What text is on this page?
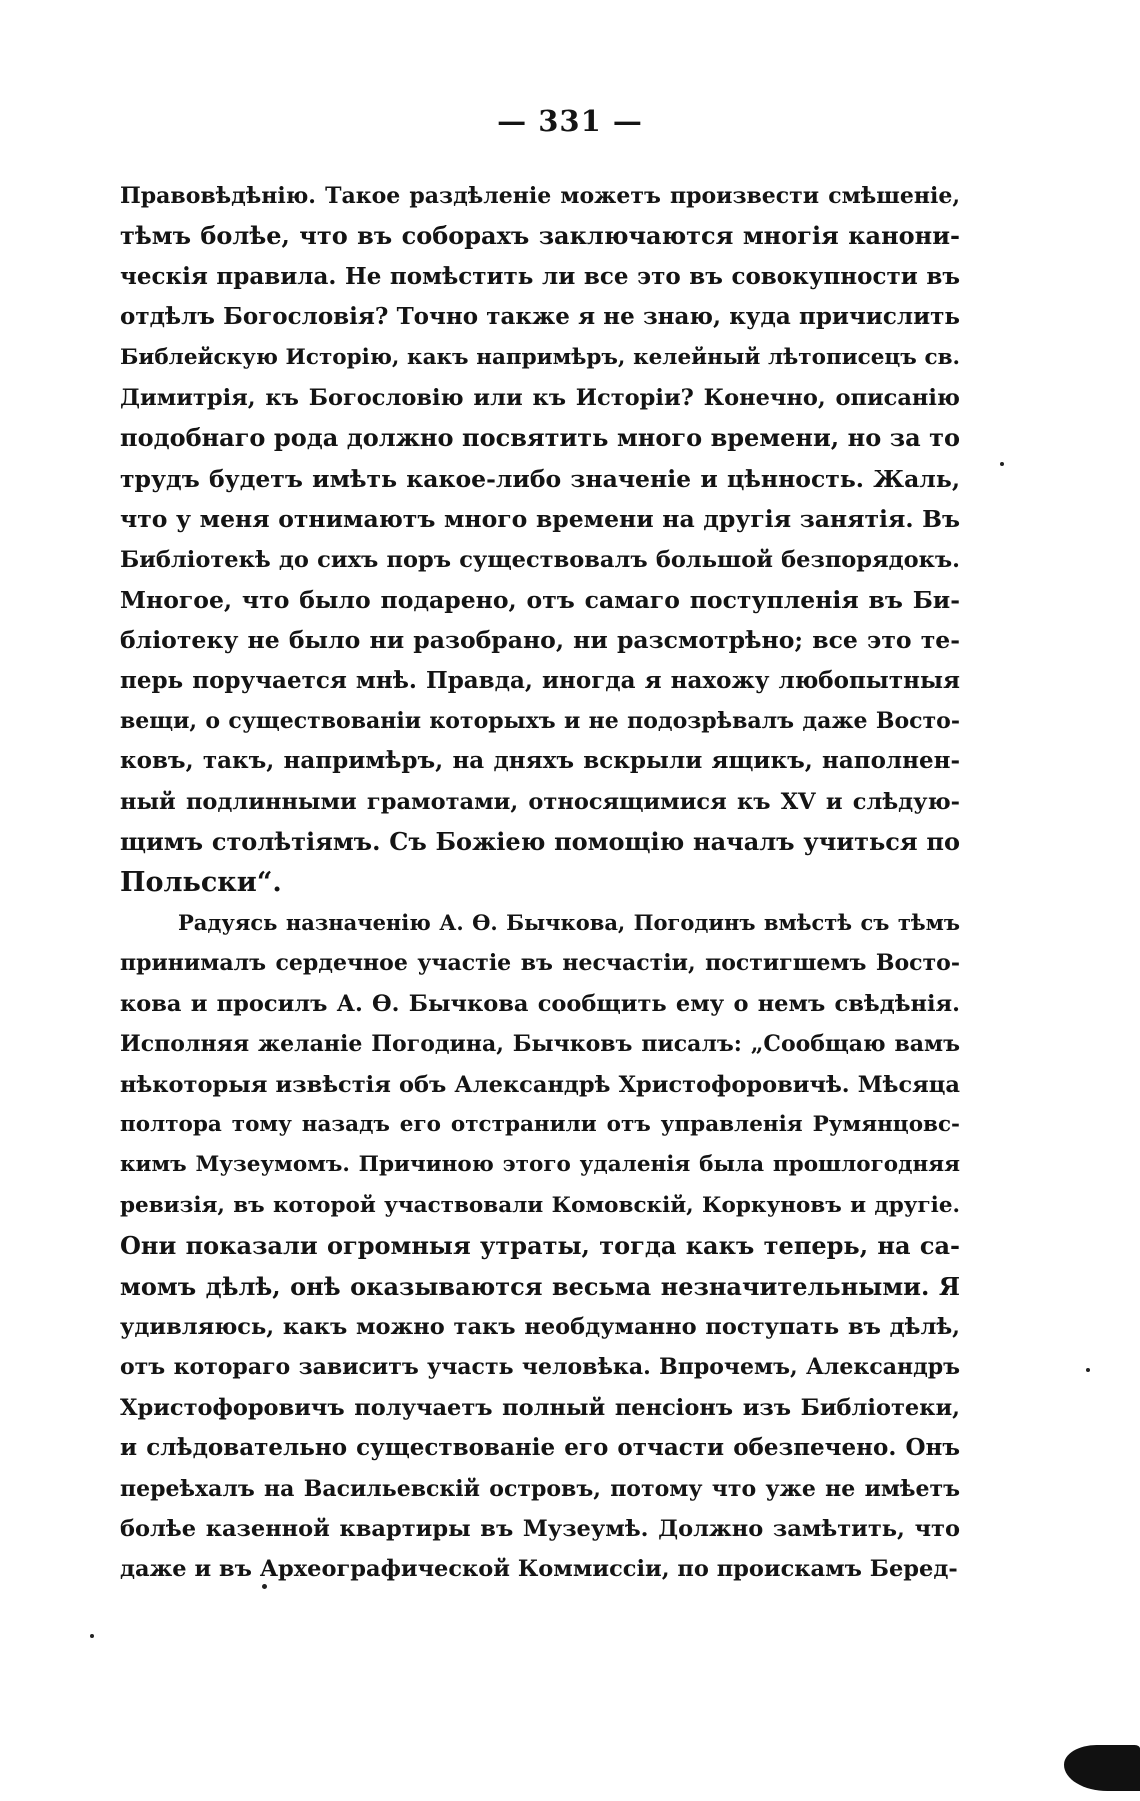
— 331 —
Правовѣдѣнію. Такое раздѣленіе можетъ произвести смѣшеніе,
тѣмъ болѣе, что въ соборахъ заключаются многія канони-
ческія правила. Не помѣстить ли все это въ совокупности въ
отдѣлъ Богословія? Точно также я не знаю, куда причислить
Библейскую Исторію, какъ напримѣръ, келейный лѣтописецъ св.
Димитрія, къ Богословію или къ Исторіи? Конечно, описанію
подобнаго рода должно посвятить много времени, но за то
трудъ будетъ имѣть какое-либо значеніе и цѣнность. Жаль,
что у меня отнимаютъ много времени на другія занятія. Въ
Библіотекѣ до сихъ поръ существовалъ большой безпорядокъ.
Многое, что было подарено, отъ самаго поступленія въ Би-
бліотеку не было ни разобрано, ни разсмотрѣно; все это те-
перь поручается мнѣ. Правда, иногда я нахожу любопытныя
вещи, о существованіи которыхъ и не подозрѣвалъ даже Восто-
ковъ, такъ, напримѣръ, на дняхъ вскрыли ящикъ, наполнен-
ный подлинными грамотами, относящимися къ XV и слѣдую-
щимъ столѣтіямъ. Съ Божіею помощію началъ учиться по
Польски“.
Радуясь назначенію А. Ѳ. Бычкова, Погодинъ вмѣстѣ съ тѣмъ
принималъ сердечное участіе въ несчастіи, постигшемъ Восто-
кова и просилъ А. Ѳ. Бычкова сообщить ему о немъ свѣдѣнія.
Исполняя желаніе Погодина, Бычковъ писалъ: „Сообщаю вамъ
нѣкоторыя извѣстія объ Александрѣ Христофоровичѣ. Мѣсяца
полтора тому назадъ его отстранили отъ управленія Румянцовс-
кимъ Музеумомъ. Причиною этого удаленія была прошлогодняя
ревизія, въ которой участвовали Комовскій, Коркуновъ и другіе.
Они показали огромныя утраты, тогда какъ теперь, на са-
момъ дѣлѣ, онѣ оказываются весьма незначительными. Я
удивляюсь, какъ можно такъ необдуманно поступать въ дѣлѣ,
отъ котораго зависитъ участь человѣка. Впрочемъ, Александръ
Христофоровичъ получаетъ полный пенсіонъ изъ Библіотеки,
и слѣдовательно существованіе его отчасти обезпечено. Онъ
переѣхалъ на Васильевскій островъ, потому что уже не имѣетъ
болѣе казенной квартиры въ Музеумѣ. Должно замѣтить, что
даже и въ Археографической Коммиссіи, по проискамъ Беред-
